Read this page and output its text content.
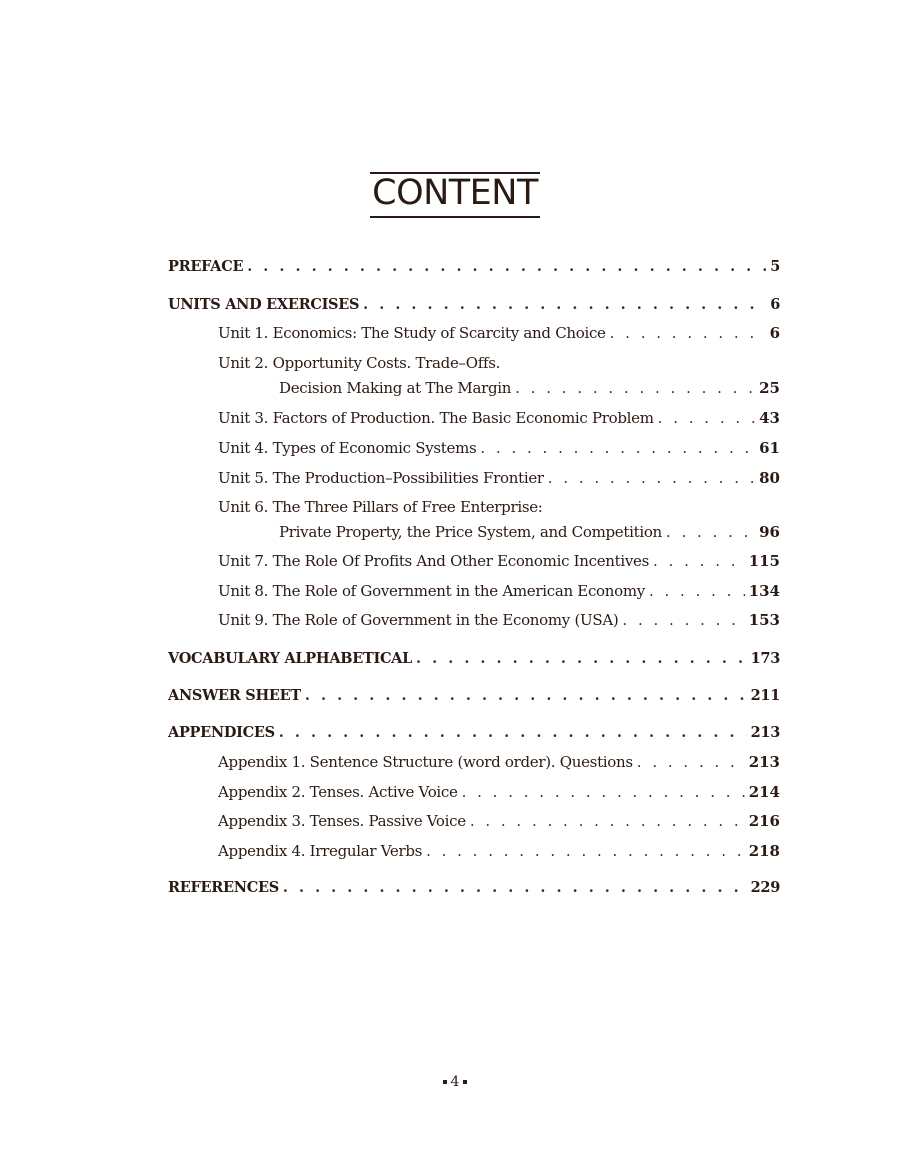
CONTENT
PREFACE . . .	5
UNITS AND EXERCISES . . .	6
Unit 1. Economics: The Study of Scarcity and Choice . . .	6
Unit 2. Opportunity Costs. Trade–Offs.
Decision Making at The Margin . . .	25
Unit 3. Factors of Production. The Basic Economic Problem . . .	43
Unit 4. Types of Economic Systems . . .	61
Unit 5. The Production–Possibilities Frontier . . .	80
Unit 6. The Three Pillars of Free Enterprise:
Private Property, the Price System, and Competition . . .	96
Unit 7. The Role Of Profits And Other Economic Incentives . . .	115
Unit 8. The Role of Government in the American Economy . . .	134
Unit 9. The Role of Government in the Economy (USA) . . .	153
VOCABULARY ALPHABETICAL . . .	173
ANSWER SHEET . . .	211
APPENDICES . . .	213
Appendix 1. Sentence Structure (word order). Questions . . .	213
Appendix 2. Tenses. Active Voice . . .	214
Appendix 3. Tenses. Passive Voice . . .	216
Appendix 4. Irregular Verbs . . .	218
REFERENCES . . .	229
4
